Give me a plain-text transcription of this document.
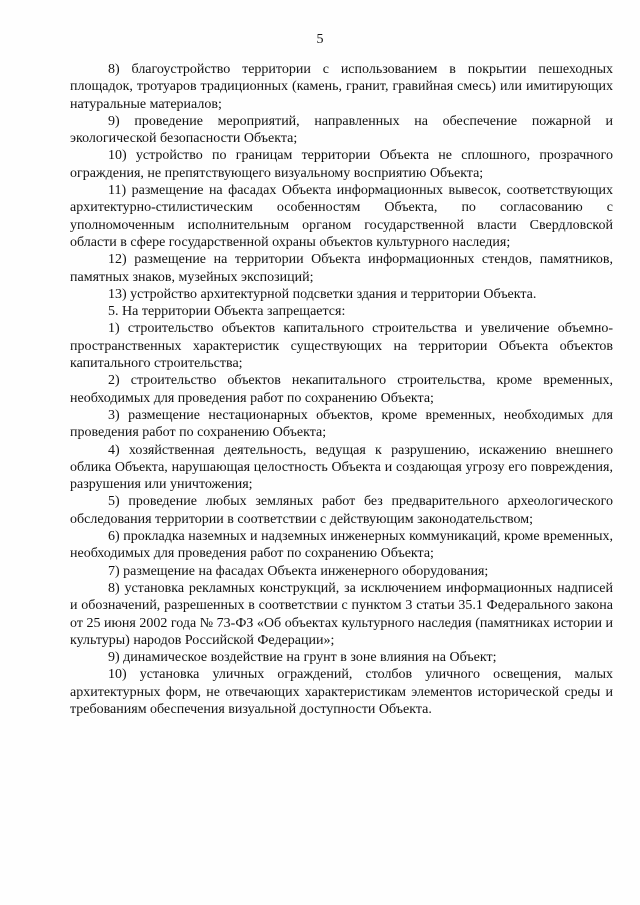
5

8) благоустройство территории с использованием в покрытии пешеходных площадок, тротуаров традиционных (камень, гранит, гравийная смесь) или имитирующих натуральные материалов;

9) проведение мероприятий, направленных на обеспечение пожарной и экологической безопасности Объекта;

10) устройство по границам территории Объекта не сплошного, прозрачного ограждения, не препятствующего визуальному восприятию Объекта;

11) размещение на фасадах Объекта информационных вывесок, соответствующих архитектурно-стилистическим особенностям Объекта, по согласованию с уполномоченным исполнительным органом государственной власти Свердловской области в сфере государственной охраны объектов культурного наследия;

12) размещение на территории Объекта информационных стендов, памятников, памятных знаков, музейных экспозиций;

13) устройство архитектурной подсветки здания и территории Объекта.

5. На территории Объекта запрещается:

1) строительство объектов капитального строительства и увеличение объемно-пространственных характеристик существующих на территории Объекта объектов капитального строительства;

2) строительство объектов некапитального строительства, кроме временных, необходимых для проведения работ по сохранению Объекта;

3) размещение нестационарных объектов, кроме временных, необходимых для проведения работ по сохранению Объекта;

4) хозяйственная деятельность, ведущая к разрушению, искажению внешнего облика Объекта, нарушающая целостность Объекта и создающая угрозу его повреждения, разрушения или уничтожения;

5) проведение любых земляных работ без предварительного археологического обследования территории в соответствии с действующим законодательством;

6) прокладка наземных и надземных инженерных коммуникаций, кроме временных, необходимых для проведения работ по сохранению Объекта;

7) размещение на фасадах Объекта инженерного оборудования;

8) установка рекламных конструкций, за исключением информационных надписей и обозначений, разрешенных в соответствии с пунктом 3 статьи 35.1 Федерального закона от 25 июня 2002 года № 73-ФЗ «Об объектах культурного наследия (памятниках истории и культуры) народов Российской Федерации»;

9) динамическое воздействие на грунт в зоне влияния на Объект;

10) установка уличных ограждений, столбов уличного освещения, малых архитектурных форм, не отвечающих характеристикам элементов исторической среды и требованиям обеспечения визуальной доступности Объекта.
